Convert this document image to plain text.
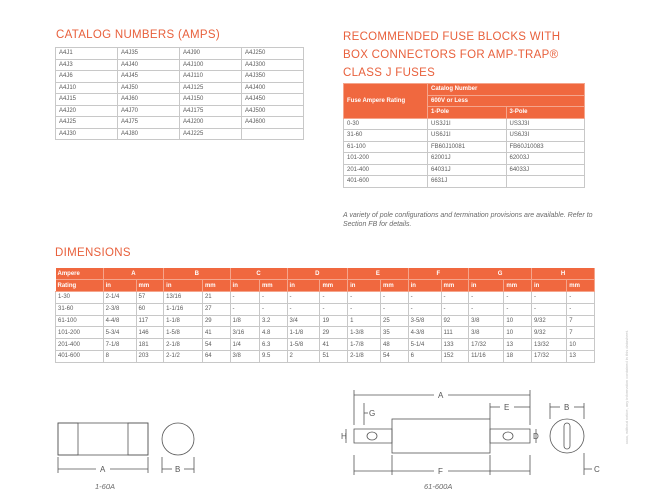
CATALOG NUMBERS (AMPS)
A4J1	A4J35	A4J90	A4J250
A4J3	A4J40	A4J100	A4J300
A4J6	A4J45	A4J110	A4J350
A4J10	A4J50	A4J125	A4J400
A4J15	A4J60	A4J150	A4J450
A4J20	A4J70	A4J175	A4J500
A4J25	A4J75	A4J200	A4J600
A4J30	A4J80	A4J225	
RECOMMENDED FUSE BLOCKS WITH
BOX CONNECTORS FOR AMP-TRAP®
CLASS J FUSES
Fuse Ampere Rating	Catalog Number	
	600V or Less	
	1-Pole	3-Pole
0-30	US3J1I	US3J3I
31-60	US6J1I	US6J3I
61-100	FB60J10081	FB60J10083
101-200	62001J	62003J
201-400	64031J	64033J
401-600	6631J	
A variety of pole configurations and termination provisions are available. Refer to Section FB for details.
DIMENSIONS
Ampere	A		B		C		D		E		F		G		H	
Rating	in	mm	in	mm	in	mm	in	mm	in	mm	in	mm	in	mm	in	mm
1-30	2-1/4	57	13/16	21	-	-	-	-	-	-	-	-	-	-	-	-
31-60	2-3/8	60	1-1/16	27	-	-	-	-	-	-	-	-	-	-	-	-
61-100	4-4/8	117	1-1/8	29	1/8	3.2	3/4	19	1	25	3-5/8	92	3/8	10	9/32	7
101-200	5-3/4	146	1-5/8	41	3/16	4.8	1-1/8	29	1-3/8	35	4-3/8	111	3/8	10	9/32	7
201-400	7-1/8	181	2-1/8	54	1/4	6.3	1-5/8	41	1-7/8	48	5-1/4	133	17/32	13	13/32	10
401-600	8	203	2-1/2	64	3/8	9.5	2	51	2-1/8	54	6	152	11/16	18	17/32	13
A	B
A
E
G
H	D
F
B
C
1-60A	61-600A
xxxx, without notice, any information contained in this datasheet.
